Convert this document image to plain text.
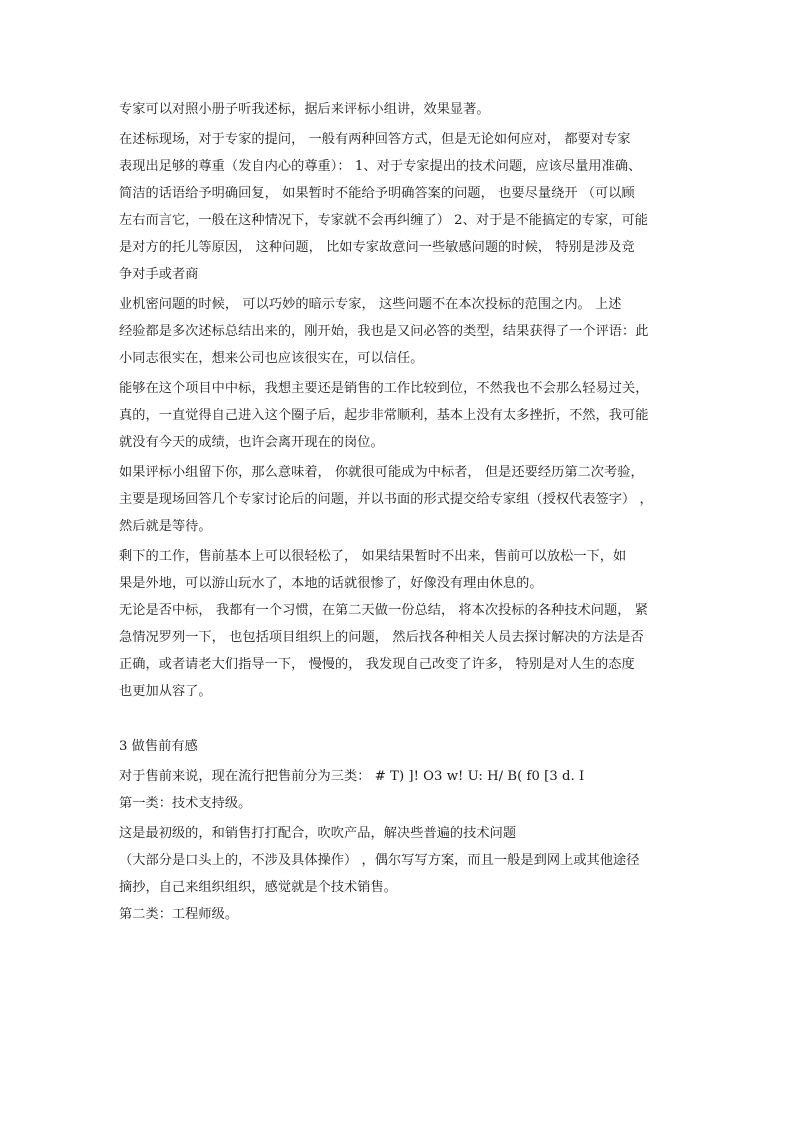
专家可以对照小册子听我述标，据后来评标小组讲，效果显著。
在述标现场，对于专家的提问， 一般有两种回答方式，但是无论如何应对， 都要对专家
表现出足够的尊重（发自内心的尊重）： 1、对于专家提出的技术问题，应该尽量用准确、
简洁的话语给予明确回复， 如果暂时不能给予明确答案的问题， 也要尽量绕开 （可以顾
左右而言它，一般在这种情况下，专家就不会再纠缠了） 2、对于是不能搞定的专家，可能
是对方的托儿等原因， 这种问题， 比如专家故意问一些敏感问题的时候， 特别是涉及竞
争对手或者商
业机密问题的时候， 可以巧妙的暗示专家， 这些问题不在本次投标的范围之内。 上述
经验都是多次述标总结出来的，刚开始，我也是又问必答的类型，结果获得了一个评语：此
小同志很实在，想来公司也应该很实在，可以信任。
能够在这个项目中中标，我想主要还是销售的工作比较到位，不然我也不会那么轻易过关，
真的，一直觉得自己进入这个圈子后，起步非常顺利，基本上没有太多挫折，不然，我可能
就没有今天的成绩，也许会离开现在的岗位。
如果评标小组留下你，那么意味着， 你就很可能成为中标者， 但是还要经历第二次考验，
主要是现场回答几个专家讨论后的问题，并以书面的形式提交给专家组（授权代表签字） ，
然后就是等待。
剩下的工作，售前基本上可以很轻松了， 如果结果暂时不出来，售前可以放松一下，如
果是外地，可以游山玩水了，本地的话就很惨了，好像没有理由休息的。
无论是否中标， 我都有一个习惯，在第二天做一份总结， 将本次投标的各种技术问题， 紧
急情况罗列一下， 也包括项目组织上的问题， 然后找各种相关人员去探讨解决的方法是否
正确，或者请老大们指导一下， 慢慢的， 我发现自己改变了许多， 特别是对人生的态度
也更加从容了。
3 做售前有感
对于售前来说，现在流行把售前分为三类： # T) ]! O3 w! U: H/ B( f0 [3 d. I
第一类：技术支持级。
这是最初级的，和销售打打配合，吹吹产品，解决些普遍的技术问题
（大部分是口头上的，不涉及具体操作） ，偶尔写写方案，而且一般是到网上或其他途径
摘抄，自己来组织组织，感觉就是个技术销售。
第二类：工程师级。
